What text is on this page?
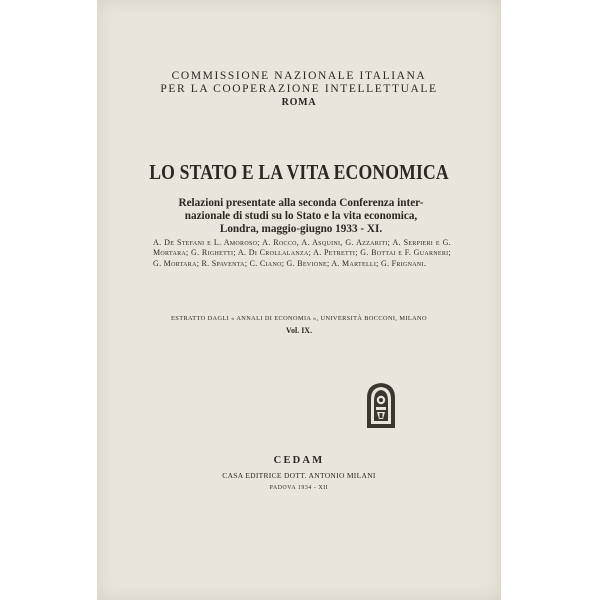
COMMISSIONE NAZIONALE ITALIANA
PER LA COOPERAZIONE INTELLETTUALE
ROMA
LO STATO E LA VITA ECONOMICA
Relazioni presentate alla seconda Conferenza inter-
nazionale di studi su lo Stato e la vita economica,
Londra, maggio-giugno 1933 - XI.
A. De Stefani e L. Amoroso; A. Rocco, A. Asquini, G. Azzariti; A. Serpieri e G. Mortara; G. Righetti; A. Di Crollalanza; A. Petretti; G. Bottai e F. Guarneri; G. Mortara; R. Spaventa; C. Ciano; G. Bevione; A. Martelli; G. Frignani.
ESTRATTO DAGLI « ANNALI DI ECONOMIA », UNIVERSITÀ BOCCONI, MILANO
Vol. IX.
CEDAM
CASA EDITRICE DOTT. ANTONIO MILANI
PADOVA 1934 - XII
